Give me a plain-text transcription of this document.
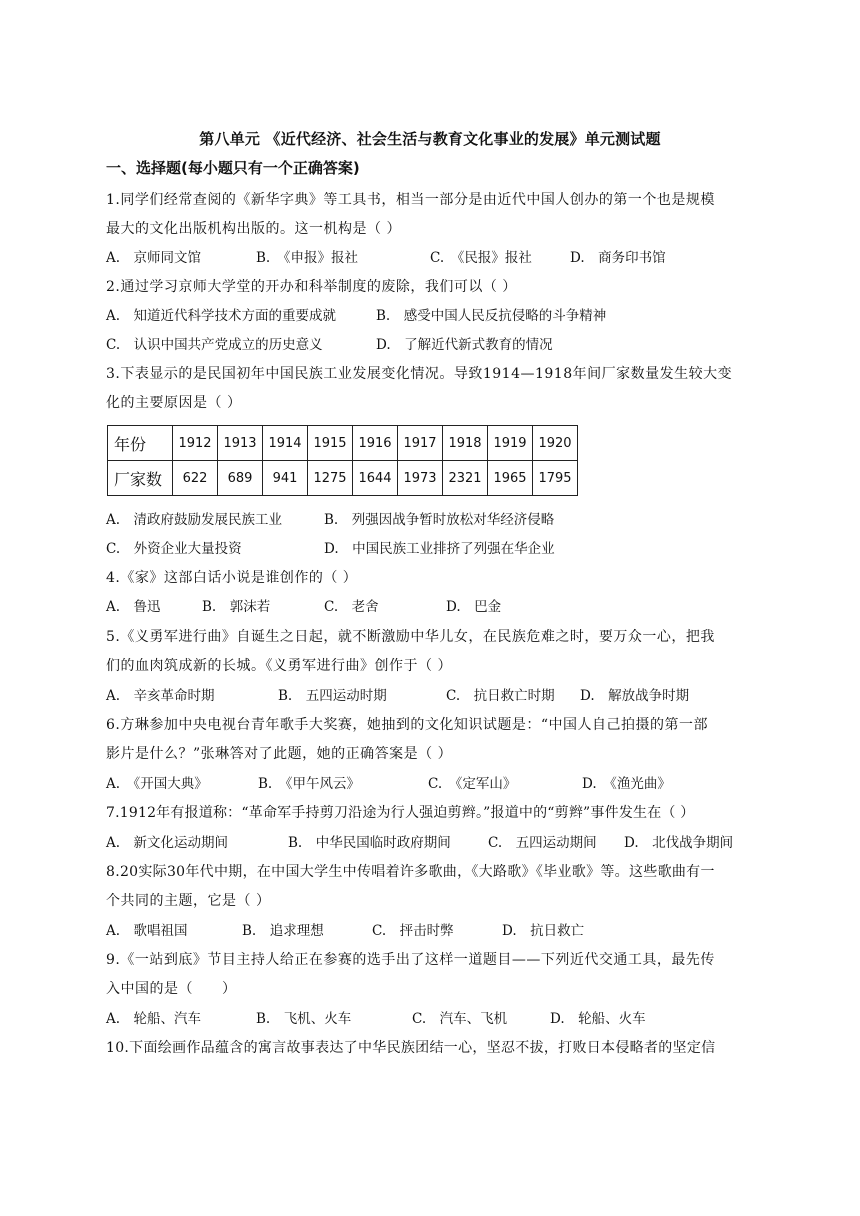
第八单元 《近代经济、社会生活与教育文化事业的发展》单元测试题
一、选择题(每小题只有一个正确答案)
1.同学们经常查阅的《新华字典》等工具书，相当一部分是由近代中国人创办的第一个也是规模
最大的文化出版机构出版的。这一机构是（ ）
A.　京师同文馆	B.　《申报》报社	C.　《民报》报社	D.　商务印书馆
2.通过学习京师大学堂的开办和科举制度的废除，我们可以（ ）
A.　知道近代科学技术方面的重要成就	B.　感受中国人民反抗侵略的斗争精神
C.　认识中国共产党成立的历史意义	D.　了解近代新式教育的情况
3.下表显示的是民国初年中国民族工业发展变化情况。导致1914—1918年间厂家数量发生较大变
化的主要原因是（ ）
年份	1912	1913	1914	1915	1916	1917	1918	1919	1920
厂家数	622	689	941	1275	1644	1973	2321	1965	1795
A.　清政府鼓励发展民族工业	B.　列强因战争暂时放松对华经济侵略
C.　外资企业大量投资	D.　中国民族工业排挤了列强在华企业
4.《家》这部白话小说是谁创作的（ ）
A.　鲁迅	B.　郭沫若	C.　老舍	D.　巴金
5.《义勇军进行曲》自诞生之日起，就不断激励中华儿女，在民族危难之时，要万众一心，把我
们的血肉筑成新的长城。《义勇军进行曲》创作于（ ）
A.　辛亥革命时期	B.　五四运动时期	C.　抗日救亡时期 D.　解放战争时期
6.方琳参加中央电视台青年歌手大奖赛，她抽到的文化知识试题是：“中国人自己拍摄的第一部
影片是什么？”张琳答对了此题，她的正确答案是（ ）
A.　《开国大典》	B.　《甲午风云》	C.　《定军山》	D.　《渔光曲》
7.1912年有报道称：“革命军手持剪刀沿途为行人强迫剪辫。”报道中的“剪辫”事件发生在（ ）
A.　新文化运动期间	B.　中华民国临时政府期间	C.　五四运动期间 D.　北伐战争期间
8.20实际30年代中期，在中国大学生中传唱着许多歌曲，《大路歌》《毕业歌》等。这些歌曲有一
个共同的主题，它是（ ）
A.　歌唱祖国	B.　追求理想	C.　抨击时弊	D.　抗日救亡
9.《一站到底》节目主持人给正在参赛的选手出了这样一道题目——下列近代交通工具，最先传
入中国的是（　　）
A.　轮船、汽车	B.　飞机、火车	C.　汽车、飞机	D.　轮船、火车
10.下面绘画作品蕴含的寓言故事表达了中华民族团结一心，坚忍不拔，打败日本侵略者的坚定信
